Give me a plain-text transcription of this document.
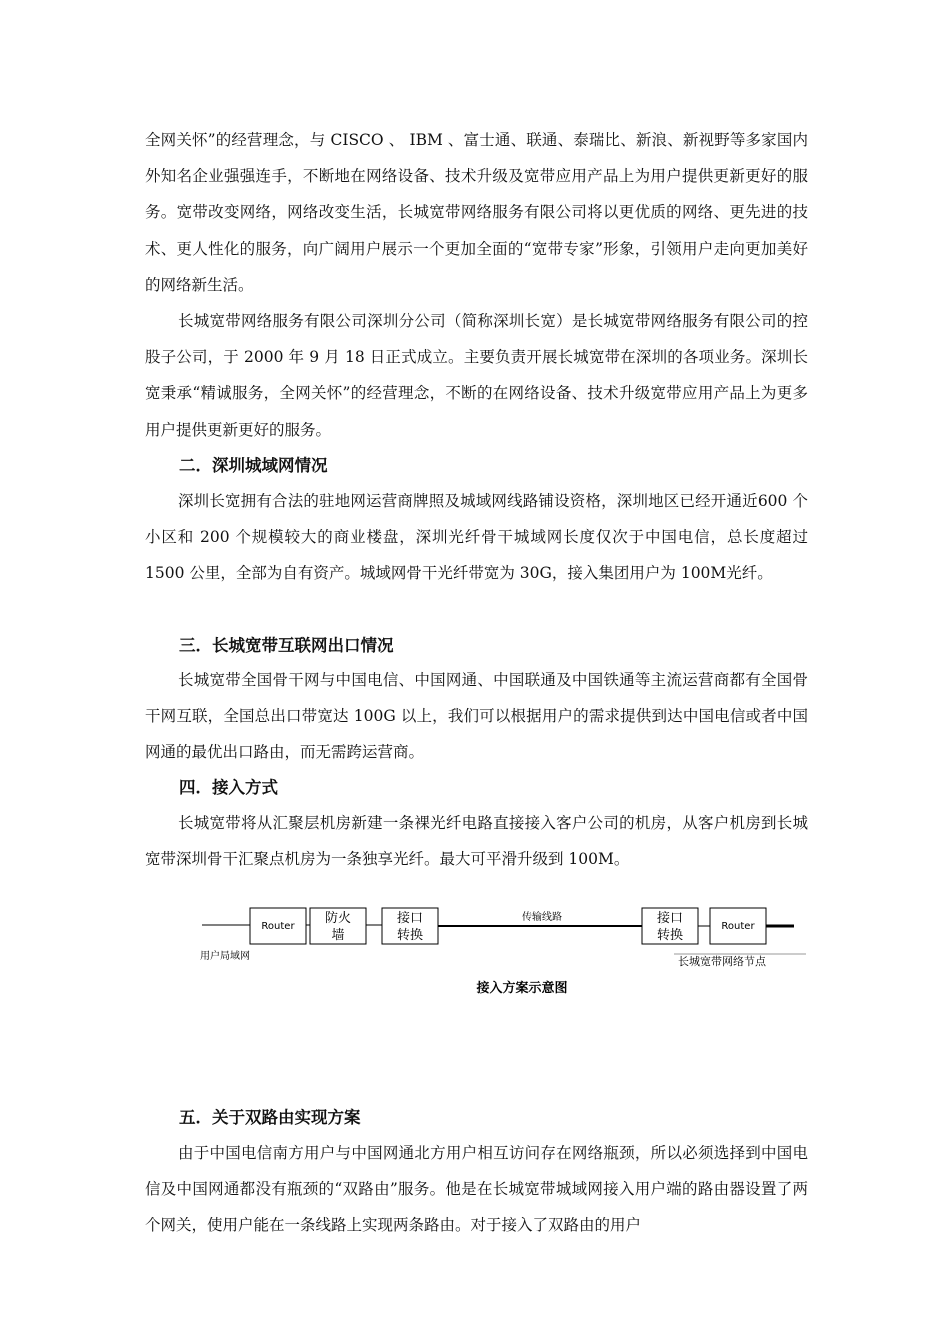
全网关怀”的经营理念，与 CISCO 、 IBM 、富士通、联通、泰瑞比、新浪、新视野等多家国内外知名企业强强连手，不断地在网络设备、技术升级及宽带应用产品上为用户提供更新更好的服务。宽带改变网络，网络改变生活，长城宽带网络服务有限公司将以更优质的网络、更先进的技术、更人性化的服务，向广阔用户展示一个更加全面的“宽带专家”形象，引领用户走向更加美好的网络新生活。

长城宽带网络服务有限公司深圳分公司（简称深圳长宽）是长城宽带网络服务有限公司的控股子公司，于 2000 年 9 月 18 日正式成立。主要负责开展长城宽带在深圳的各项业务。深圳长宽秉承“精诚服务，全网关怀”的经营理念，不断的在网络设备、技术升级宽带应用产品上为更多用户提供更新更好的服务。

二．深圳城域网情况

深圳长宽拥有合法的驻地网运营商牌照及城域网线路铺设资格，深圳地区已经开通近600 个小区和 200 个规模较大的商业楼盘，深圳光纤骨干城域网长度仅次于中国电信，总长度超过 1500 公里，全部为自有资产。城域网骨干光纤带宽为 30G，接入集团用户为 100M光纤。

三．长城宽带互联网出口情况

长城宽带全国骨干网与中国电信、中国网通、中国联通及中国铁通等主流运营商都有全国骨干网互联，全国总出口带宽达 100G 以上，我们可以根据用户的需求提供到达中国电信或者中国网通的最优出口路由，而无需跨运营商。

四．接入方式

长城宽带将从汇聚层机房新建一条裸光纤电路直接接入客户公司的机房，从客户机房到长城宽带深圳骨干汇聚点机房为一条独享光纤。最大可平滑升级到 100M。

Router
防火
墙
接口
转换
传输线路	接口
转换
Router
用户局域网	长城宽带网络节点
接入方案示意图
五．关于双路由实现方案

由于中国电信南方用户与中国网通北方用户相互访问存在网络瓶颈，所以必须选择到中国电信及中国网通都没有瓶颈的“双路由”服务。他是在长城宽带城域网接入用户端的路由器设置了两个网关，使用户能在一条线路上实现两条路由。对于接入了双路由的用户
